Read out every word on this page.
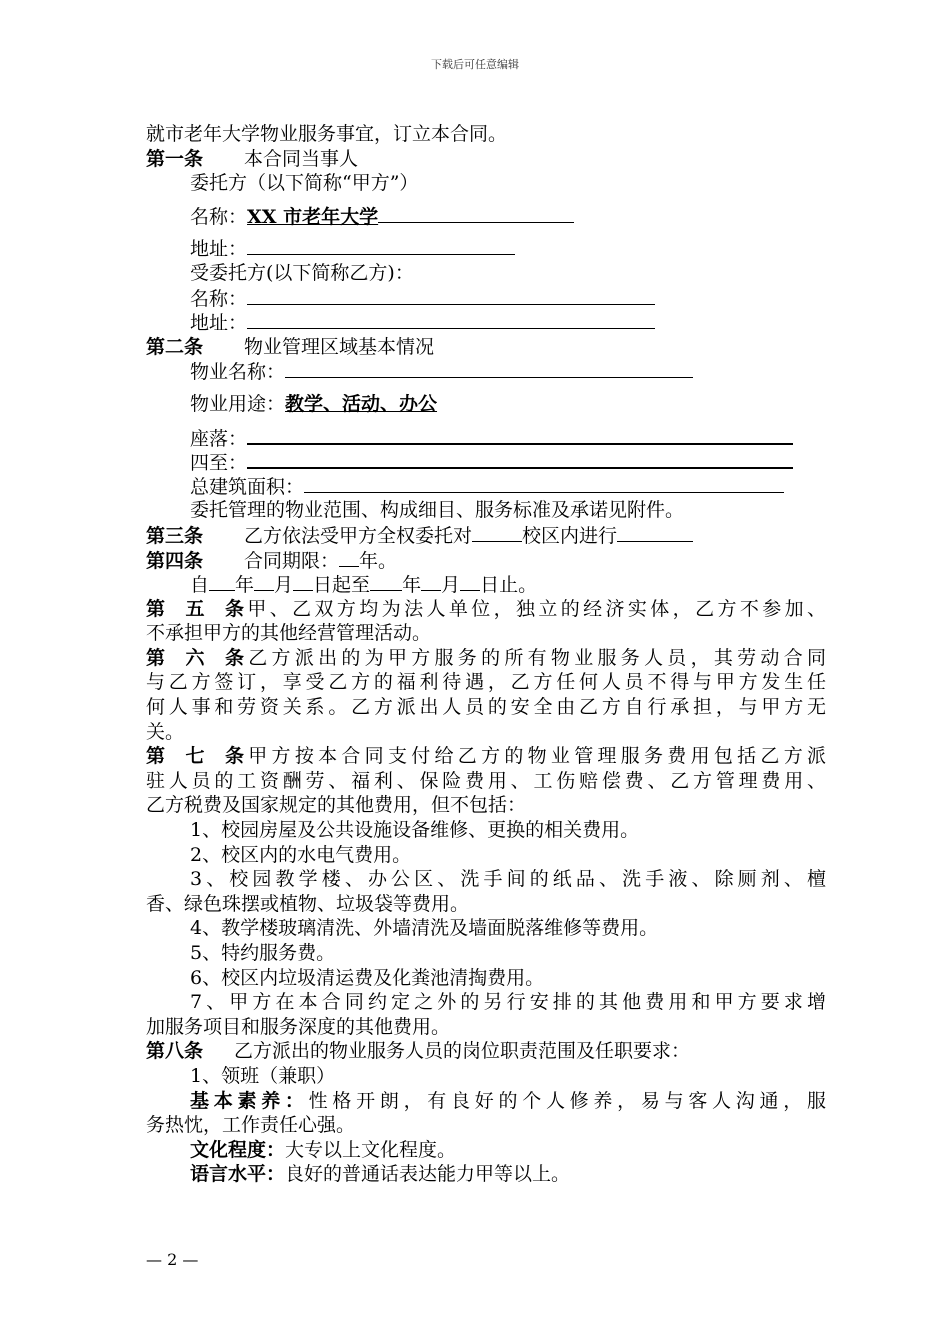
下载后可任意编辑
就市老年大学物业服务事宜，订立本合同。
第一条 本合同当事人
委托方（以下简称“甲方”）
名称：XX 市老年大学
地址：
受委托方(以下简称乙方)：
名称：
地址：
第二条 物业管理区域基本情况
物业名称：
物业用途：教学、活动、办公
座落：
四至：
总建筑面积：
委托管理的物业范围、构成细目、服务标准及承诺见附件。
第三条 乙方依法受甲方全权委托对	校区内进行
第四条 合同期限： 年。
自 年 月 日起至 年 月 日止。
第五条甲、乙双方均为法人单位，独立的经济实体，乙方不参加、
不承担甲方的其他经营管理活动。
第六条乙方派出的为甲方服务的所有物业服务人员，其劳动合同
与乙方签订，享受乙方的福利待遇，乙方任何人员不得与甲方发生任
何人事和劳资关系。乙方派出人员的安全由乙方自行承担，与甲方无
关。
第七条甲方按本合同支付给乙方的物业管理服务费用包括乙方派
驻人员的工资酬劳、福利、保险费用、工伤赔偿费、乙方管理费用、
乙方税费及国家规定的其他费用，但不包括：
1、校园房屋及公共设施设备维修、更换的相关费用。
2、校区内的水电气费用。
3、校园教学楼、办公区、洗手间的纸品、洗手液、除厕剂、檀
香、绿色珠摆或植物、垃圾袋等费用。
4、教学楼玻璃清洗、外墙清洗及墙面脱落维修等费用。
5、特约服务费。
6、校区内垃圾清运费及化粪池清掏费用。
7、甲方在本合同约定之外的另行安排的其他费用和甲方要求增
加服务项目和服务深度的其他费用。
第八条 乙方派出的物业服务人员的岗位职责范围及任职要求：
1、领班（兼职）
基本素养：性格开朗，有良好的个人修养，易与客人沟通，服
务热忱，工作责任心强。
文化程度：大专以上文化程度。
语言水平：良好的普通话表达能力甲等以上。
— 2 —
